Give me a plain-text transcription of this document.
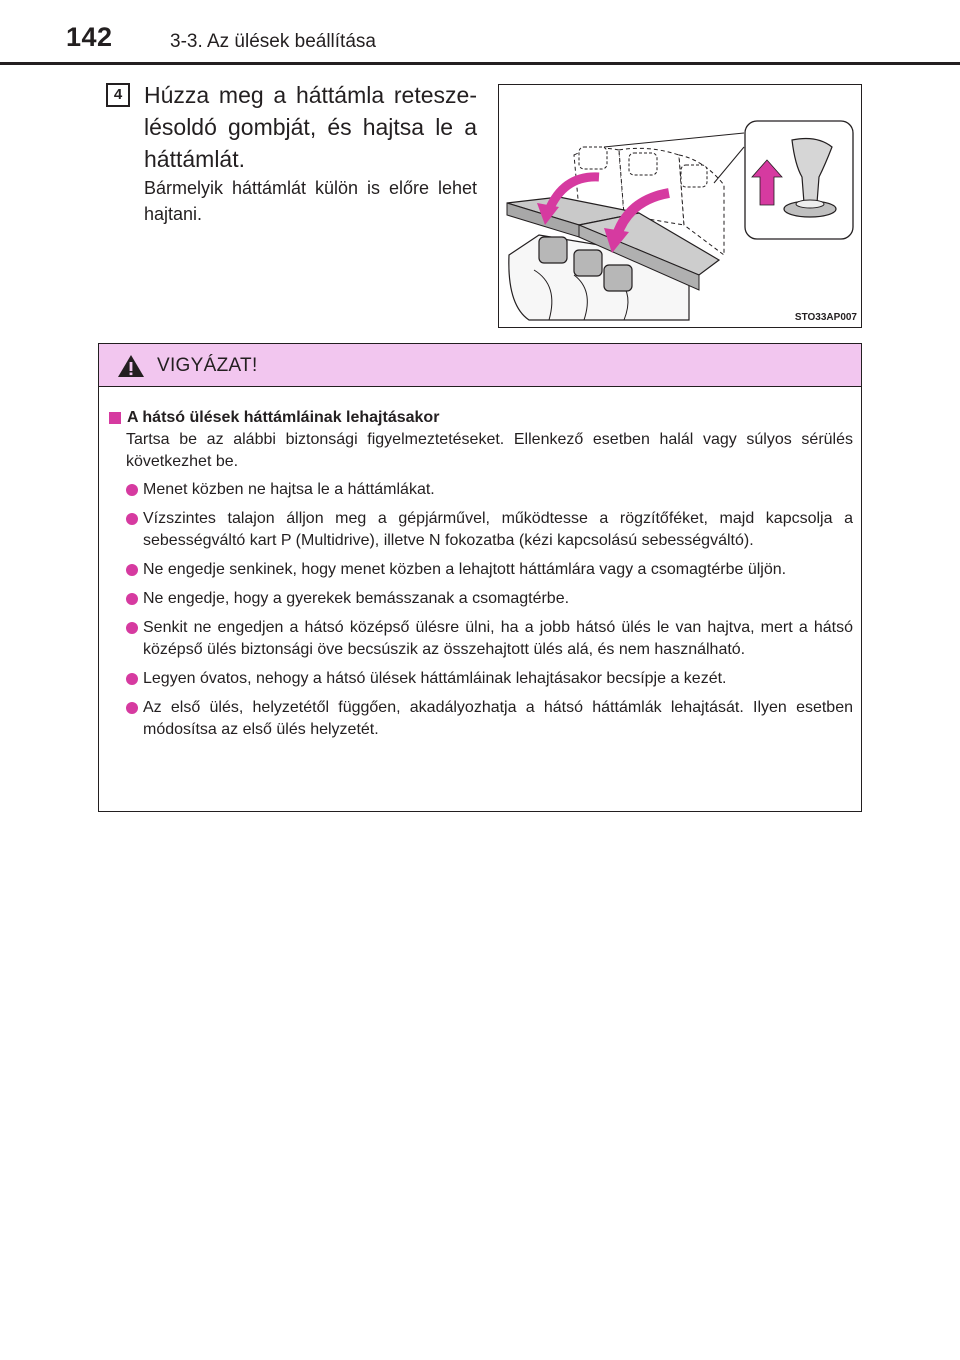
142	3-3. Az ülések beállítása
4 Húzza meg a háttámla reteszelésoldó gombját, és hajtsa le a háttámlát.
Bármelyik háttámlát külön is előre lehet hajtani.
STO33AP007
VIGYÁZAT!
A hátsó ülések háttámláinak lehajtásakor
Tartsa be az alábbi biztonsági figyelmeztetéseket. Ellenkező esetben halál vagy súlyos sérülés következhet be.
Menet közben ne hajtsa le a háttámlákat.
Vízszintes talajon álljon meg a gépjárművel, működtesse a rögzítőféket, majd kapcsolja a sebességváltó kart P (Multidrive), illetve N fokozatba (kézi kapcsolású sebességváltó).
Ne engedje senkinek, hogy menet közben a lehajtott háttámlára vagy a csomagtérbe üljön.
Ne engedje, hogy a gyerekek bemásszanak a csomagtérbe.
Senkit ne engedjen a hátsó középső ülésre ülni, ha a jobb hátsó ülés le van hajtva, mert a hátsó középső ülés biztonsági öve becsúszik az összehajtott ülés alá, és nem használható.
Legyen óvatos, nehogy a hátsó ülések háttámláinak lehajtásakor becsípje a kezét.
Az első ülés, helyzetétől függően, akadályozhatja a hátsó háttámlák lehajtását. Ilyen esetben módosítsa az első ülés helyzetét.
